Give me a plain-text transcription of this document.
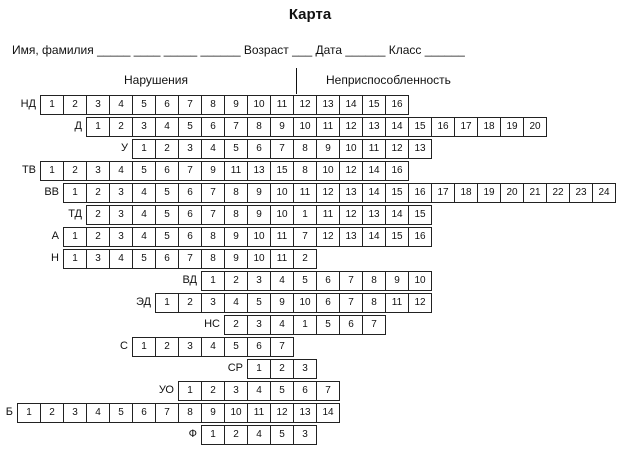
Карта
Имя, фамилия _____ ____ _____ ______ Возраст ___ Дата ______ Класс ______
Нарушения	Неприспособленность
НД	1	2	3	4	5	6	7	8	9	10	11	12	13	14	15	16
Д	1	2	3	4	5	6	7	8	9	10	11	12	13	14	15	16	17	18	19	20
У	1	2	3	4	5	6	7	8	9	10	11	12	13
ТВ	1	2	3	4	5	6	7	9	11	13	15	8	10	12	14	16
ВВ	1	2	3	4	5	6	7	8	9	10	11	12	13	14	15	16	17	18	19	20	21	22	23	24
ТД	2	3	4	5	6	7	8	9	10	1	11	12	13	14	15
А	1	2	3	4	5	6	8	9	10	11	7	12	13	14	15	16
Н	1	3	4	5	6	7	8	9	10	11	2
ВД	1	2	3	4	5	6	7	8	9	10
ЭД	1	2	3	4	5	9	10	6	7	8	11	12
НС	2	3	4	1	5	6	7
С	1	2	3	4	5	6	7
СР	1	2	3
УО	1	2	3	4	5	6	7
Б	1	2	3	4	5	6	7	8	9	10	11	12	13	14
Ф	1	2	4	5	3
